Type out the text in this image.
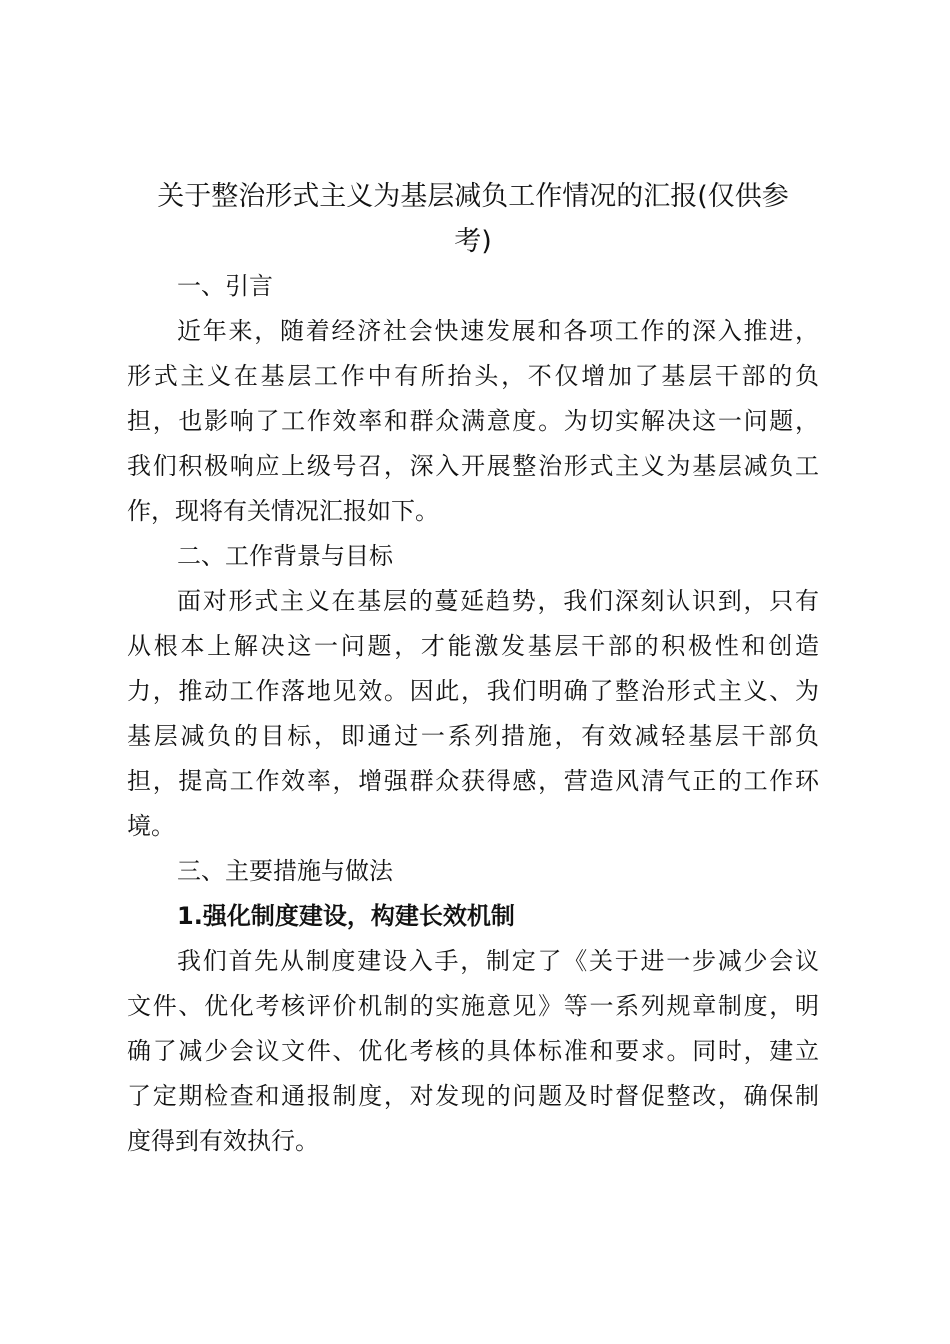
关于整治形式主义为基层减负工作情况的汇报(仅供参
考)
一、引言
近年来，随着经济社会快速发展和各项工作的深入推进，
形式主义在基层工作中有所抬头，不仅增加了基层干部的负
担，也影响了工作效率和群众满意度。为切实解决这一问题，
我们积极响应上级号召，深入开展整治形式主义为基层减负工
作，现将有关情况汇报如下。
二、工作背景与目标
面对形式主义在基层的蔓延趋势，我们深刻认识到，只有
从根本上解决这一问题，才能激发基层干部的积极性和创造
力，推动工作落地见效。因此，我们明确了整治形式主义、为
基层减负的目标，即通过一系列措施，有效减轻基层干部负
担，提高工作效率，增强群众获得感，营造风清气正的工作环
境。
三、主要措施与做法
1.强化制度建设，构建长效机制
我们首先从制度建设入手，制定了《关于进一步减少会议
文件、优化考核评价机制的实施意见》等一系列规章制度，明
确了减少会议文件、优化考核的具体标准和要求。同时，建立
了定期检查和通报制度，对发现的问题及时督促整改，确保制
度得到有效执行。
